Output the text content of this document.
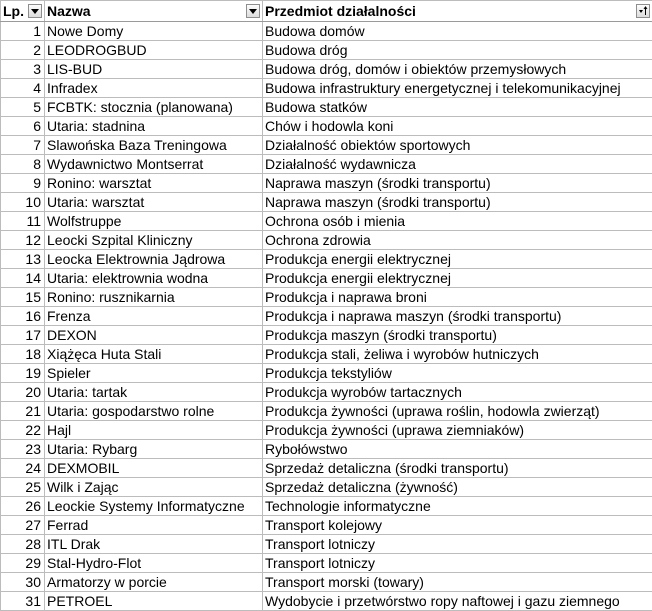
Lp.	Nazwa	Przedmiot działalności

1	Nowe Domy	Budowa domów
2	LEODROGBUD	Budowa dróg
3	LIS-BUD	Budowa dróg, domów i obiektów przemysłowych
4	Infradex	Budowa infrastruktury energetycznej i telekomunikacyjnej
5	FCBTK: stocznia (planowana)	Budowa statków
6	Utaria: stadnina	Chów i hodowla koni
7	Slawońska Baza Treningowa	Działalność obiektów sportowych
8	Wydawnictwo Montserrat	Działalność wydawnicza
9	Ronino: warsztat	Naprawa maszyn (środki transportu)
10	Utaria: warsztat	Naprawa maszyn (środki transportu)
11	Wolfstruppe	Ochrona osób i mienia
12	Leocki Szpital Kliniczny	Ochrona zdrowia
13	Leocka Elektrownia Jądrowa	Produkcja energii elektrycznej
14	Utaria: elektrownia wodna	Produkcja energii elektrycznej
15	Ronino: rusznikarnia	Produkcja i naprawa broni
16	Frenza	Produkcja i naprawa maszyn (środki transportu)
17	DEXON	Produkcja maszyn (środki transportu)
18	Xiążęca Huta Stali	Produkcja stali, żeliwa i wyrobów hutniczych
19	Spieler	Produkcja tekstyliów
20	Utaria: tartak	Produkcja wyrobów tartacznych
21	Utaria: gospodarstwo rolne	Produkcja żywności (uprawa roślin, hodowla zwierząt)
22	Hajl	Produkcja żywności (uprawa ziemniaków)
23	Utaria: Rybarg	Rybołówstwo
24	DEXMOBIL	Sprzedaż detaliczna (środki transportu)
25	Wilk i Zając	Sprzedaż detaliczna (żywność)
26	Leockie Systemy Informatyczne	Technologie informatyczne
27	Ferrad	Transport kolejowy
28	ITL Drak	Transport lotniczy
29	Stal-Hydro-Flot	Transport lotniczy
30	Armatorzy w porcie	Transport morski (towary)
31	PETROEL	Wydobycie i przetwórstwo ropy naftowej i gazu ziemnego
